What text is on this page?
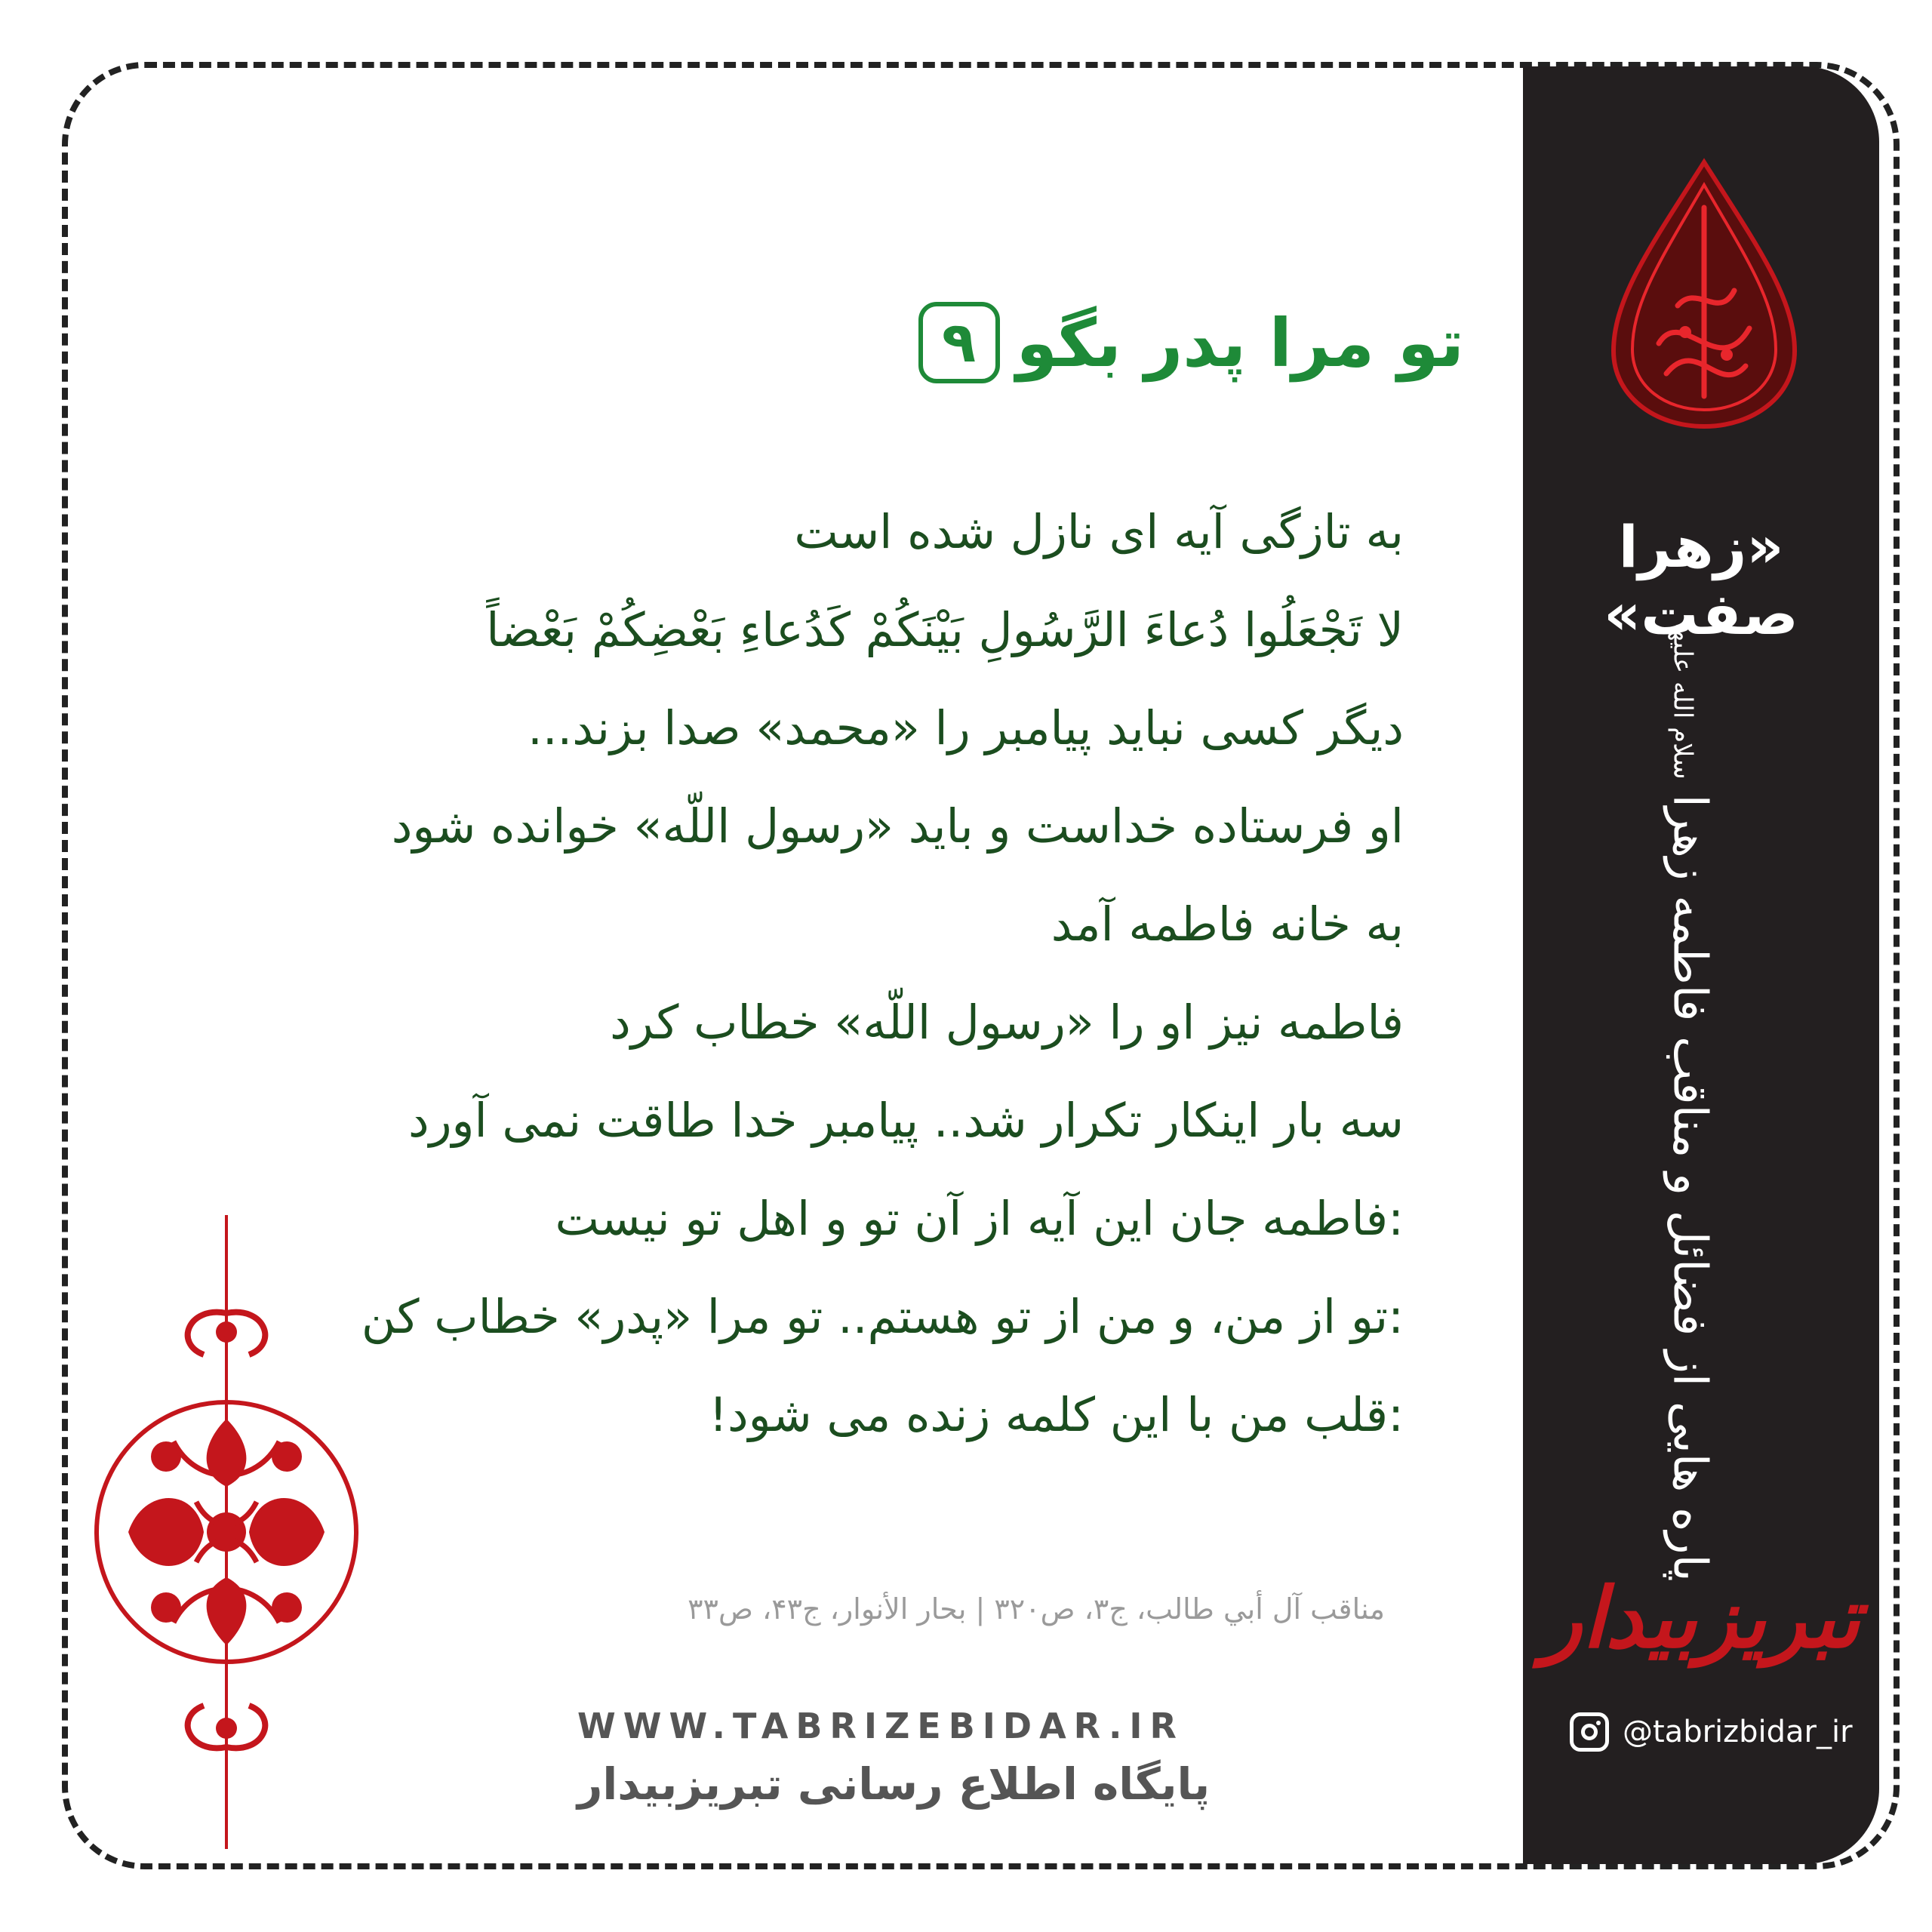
«زهرا صفت»
پاره هایی از فضائل و مناقب فاطمه زهرا سلام الله علیها
تبریزبیدار
@tabrizbidar_ir
۹ تو مرا پدر بگو
به تازگی آیه ای نازل شده است
لا تَجْعَلُوا دُعاءَ الرَّسُولِ بَيْنَكُمْ كَدُعاءِ بَعْضِكُمْ بَعْضاً
دیگر کسی نباید پیامبر را «محمد» صدا بزند...
او فرستاده خداست و باید «رسول اللّه» خوانده شود
به خانه فاطمه آمد
فاطمه نیز او را «رسول اللّه» خطاب کرد
سه بار اینکار تکرار شد.. پیامبر خدا طاقت نمی آورد
:فاطمه جان این آیه از آن تو و اهل تو نیست
:تو از من، و من از تو هستم.. تو مرا «پدر» خطاب کن
:قلب من با این کلمه زنده می شود!
مناقب آل أبي طالب، ج۳، ص۳۲۰ | بحار الأنوار، ج۴۳، ص۳۳
WWW.TABRIZEBIDAR.IR
پایگاه اطلاع رسانی تبریزبیدار
